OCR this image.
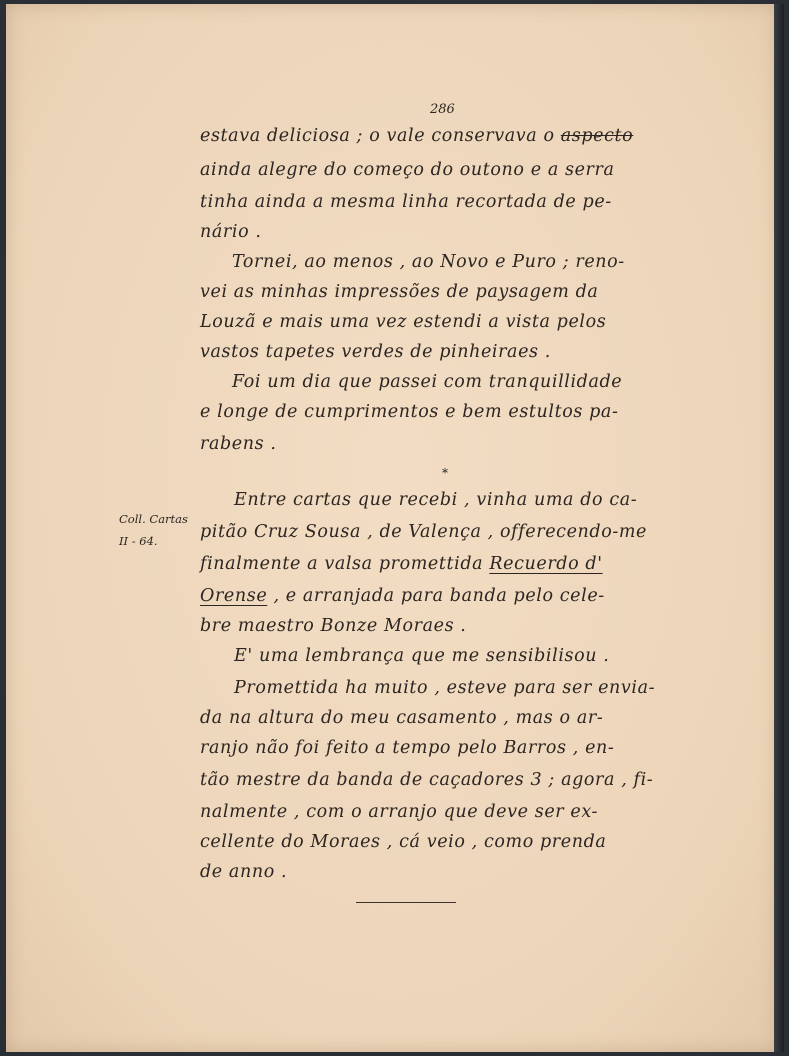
286
estava deliciosa ; o vale conservava o aspecto
ainda alegre do começo do outono e a serra
tinha ainda a mesma linha recortada de pe-
nário .
Tornei, ao menos , ao Novo e Puro ; reno-
vei as minhas impressões de paysagem da
Louzã e mais uma vez estendi a vista pelos
vastos tapetes verdes de pinheiraes .
Foi um dia que passei com tranquillidade
e longe de cumprimentos e bem estultos pa-
rabens .
*
Coll. Cartas
II - 64.
Entre cartas que recebi , vinha uma do ca-
pitão Cruz Sousa , de Valença , offerecendo-me
finalmente a valsa promettida Recuerdo d'
Orense , e arranjada para banda pelo cele-
bre maestro Bonze Moraes .
E' uma lembrança que me sensibilisou .
Promettida ha muito , esteve para ser envia-
da na altura do meu casamento , mas o ar-
ranjo não foi feito a tempo pelo Barros , en-
tão mestre da banda de caçadores 3 ; agora , fi-
nalmente , com o arranjo que deve ser ex-
cellente do Moraes , cá veio , como prenda
de anno .
